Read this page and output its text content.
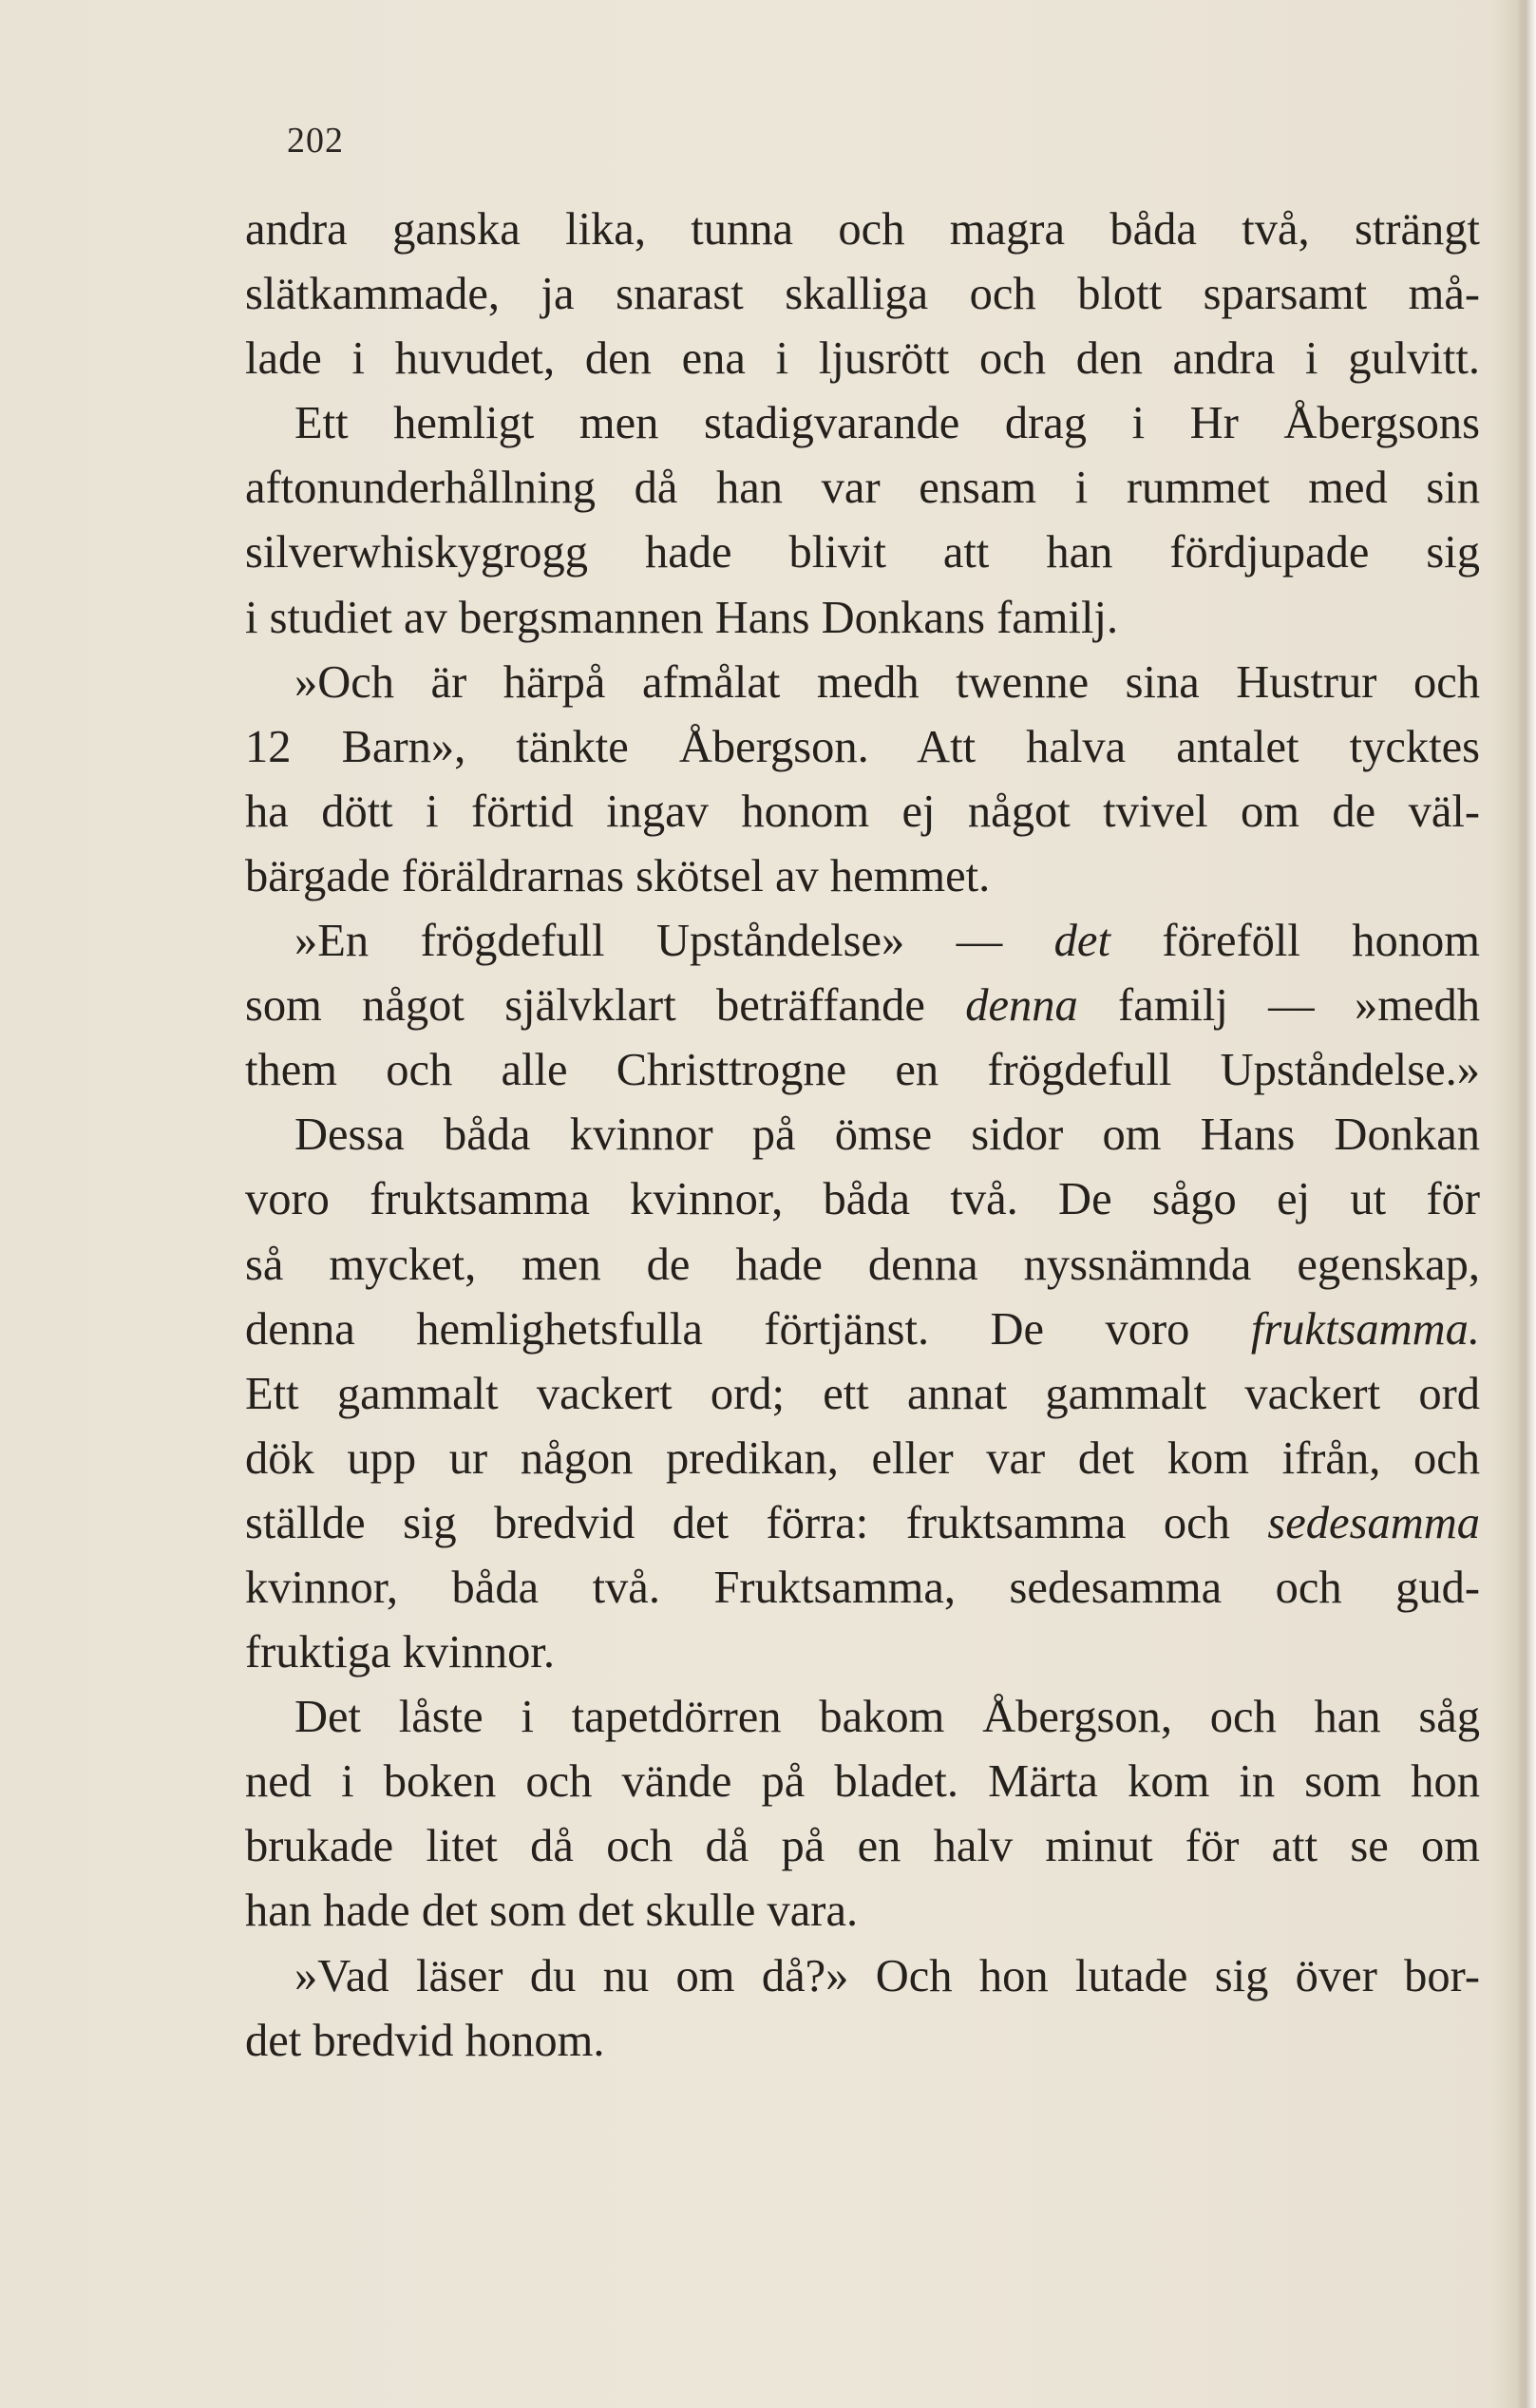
202
andra ganska lika, tunna och magra båda två, strängt
slätkammade, ja snarast skalliga och blott sparsamt må-
lade i huvudet, den ena i ljusrött och den andra i gulvitt.
Ett hemligt men stadigvarande drag i Hr Åbergsons
aftonunderhållning då han var ensam i rummet med sin
silverwhiskygrogg hade blivit att han fördjupade sig
i studiet av bergsmannen Hans Donkans familj.
»Och är härpå afmålat medh twenne sina Hustrur och
12 Barn», tänkte Åbergson. Att halva antalet tycktes
ha dött i förtid ingav honom ej något tvivel om de väl-
bärgade föräldrarnas skötsel av hemmet.
»En frögdefull Upståndelse» — det föreföll honom
som något självklart beträffande denna familj — »medh
them och alle Christtrogne en frögdefull Upståndelse.»
Dessa båda kvinnor på ömse sidor om Hans Donkan
voro fruktsamma kvinnor, båda två. De sågo ej ut för
så mycket, men de hade denna nyssnämnda egenskap,
denna hemlighetsfulla förtjänst. De voro fruktsamma.
Ett gammalt vackert ord; ett annat gammalt vackert ord
dök upp ur någon predikan, eller var det kom ifrån, och
ställde sig bredvid det förra: fruktsamma och sedesamma
kvinnor, båda två. Fruktsamma, sedesamma och gud-
fruktiga kvinnor.
Det låste i tapetdörren bakom Åbergson, och han såg
ned i boken och vände på bladet. Märta kom in som hon
brukade litet då och då på en halv minut för att se om
han hade det som det skulle vara.
»Vad läser du nu om då?» Och hon lutade sig över bor-
det bredvid honom.
